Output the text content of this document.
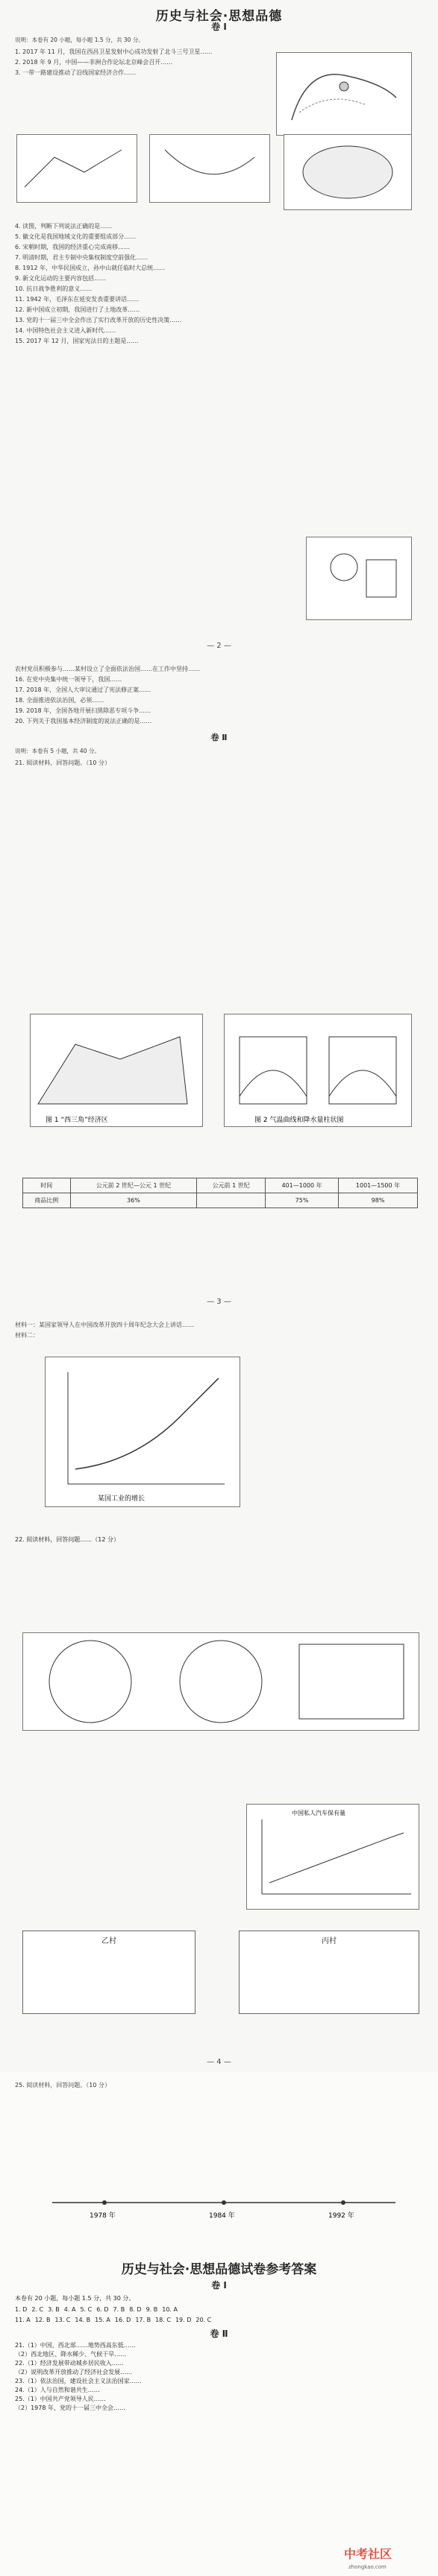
历史与社会·思想品德
卷 Ⅰ
说明：本卷有 20 小题，每小题 1.5 分，共 30 分。
1. 2017 年 11 月，我国在西昌卫星发射中心成功发射了北斗三号卫星……
2. 2018 年 9 月，中国——非洲合作论坛北京峰会召开……
3. 一带一路建设推动了沿线国家经济合作……
4. 读图，判断下列说法正确的是……
5. 徽文化是我国地域文化的重要组成部分……
6. 宋朝时期，我国的经济重心完成南移……
7. 明清时期，君主专制中央集权制度空前强化……
8. 1912 年，中华民国成立，孙中山就任临时大总统……
9. 新文化运动的主要内容包括……
10. 抗日战争胜利的意义……
11. 1942 年，毛泽东在延安发表重要讲话……
12. 新中国成立初期，我国进行了土地改革……
13. 党的十一届三中全会作出了实行改革开放的历史性决策……
14. 中国特色社会主义进入新时代……
15. 2017 年 12 月，国家宪法日的主题是……
— 2 —
农村党员积极参与……某村设立了全面依法治国……在工作中坚持……
16. 在党中央集中统一领导下，我国……
17. 2018 年，全国人大审议通过了宪法修正案……
18. 全面推进依法治国，必须……
19. 2018 年，全国各地开展扫黑除恶专项斗争……
20. 下列关于我国基本经济制度的说法正确的是……
卷 Ⅱ
说明：本卷有 5 小题，共 40 分。
21. 阅读材料，回答问题。（10 分）
图 1 “西三角”经济区	图 2 气温曲线和降水量柱状图
时间	公元前 2 世纪—公元 1 世纪	公元前 1 世纪	401—1000 年	1001—1500 年
商品比例	36%		75%	98%
— 3 —
材料一：某国家领导人在中国改革开放四十周年纪念大会上讲话……
材料二：
某国工业的增长
22. 阅读材料，回答问题……（12 分）
中国私人汽车保有量
乙村	丙村
— 4 —
25. 阅读材料，回答问题。（10 分）
1978 年	1984 年	1992 年
历史与社会·思想品德试卷参考答案
卷 Ⅰ
本卷有 20 小题，每小题 1.5 分，共 30 分。
1. D 2. C 3. B 4. A 5. C 6. D 7. B 8. D 9. B 10. A
11. A 12. B 13. C 14. B 15. A 16. D 17. B 18. C 19. D 20. C
卷 Ⅱ
21.（1）中国，西北部……地势西高东低……
（2）西北地区、降水稀少、气候干旱……
22.（1）经济发展带动城乡居民收入……
（2）说明改革开放推动了经济社会发展……
23.（1）依法治国，建设社会主义法治国家……
24.（1）人与自然和谐共生……
25.（1）中国共产党领导人民……
（2）1978 年，党的十一届三中全会……
中考社区
zhongkao.com
